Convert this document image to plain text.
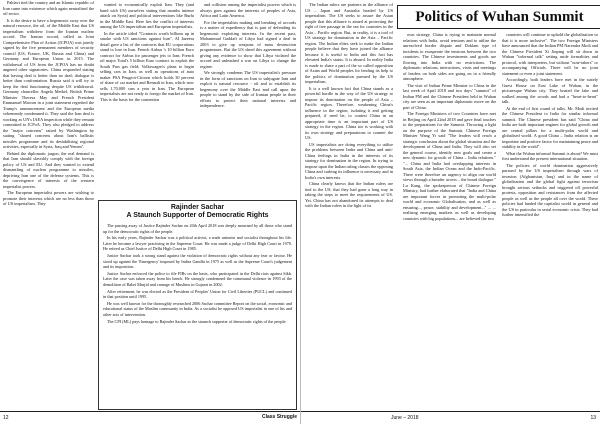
Pahlavi tied the country and an Islamic republic of Iran came into existence which again neutralised the oil sector.

It is the desire to have a hegemonic sway over the natural resource, the oil, of the Middle East that US imperialism withdrew from the Iranian nuclear accord. The Iranian accord, called as Joint Comprehensive Plan of Action (JCPOA) was jointly signed by the five permanent members of security council (US, France, UK, Russia and China) and Germany and European Union in 2015. The withdrawal of US from the JCPOA has no doubt angered other signatories. China responded stating that having deal is better than no deal; dialogue is better than confrontation. Russia said it will try to keep the deal functioning despite US withdrawal. Germany chancellor Angela Merkel, British Prime Minister Theresa May and French President Emmanuel Macron in a joint statement regretted the Trump's announcement and the European media vehemently condemned it. They said the Iran deal is working as UN's IAEA inspection while they remain committed to JCPoA. They also pledged to address the "major concerns" raised by Washington by stating "shared concerns about Iran's ballistic missiles programme and its destabilising regional activities, especially in Syria, Iraq and Yemen".

Behind the diplomatic jargon, the real demand is that Iran should slavishly comply with the foreign policy of US and EU. And they wanted to extend dismantling of nuclear programme to missiles, depriving Iran one of the defense systems. This is the convergence of interests of the western imperialist powers.

The European imperialist powers are wishing to promote their interests which are no less than those of US imperialism. They

wanted to economically exploit Iran. They (and hand with US) ourselves stating that months intense attack on Syria) and political interventions like Burhi in the Middle East. Here lies the conflict of interests among the US imperialism and European imperialists.

In the article titled "Contracts worth billions up in smoke with US sanctions against Iran", AI Jazeera detail gave a list of the contracts that EU corporations stand to lose in Iran. French Airbus 's 10 billion Euro contract for Airbus for passenger jets to Iran; French oil major Total's 5 billion Euro contract to exploit the South Pars gas field; Volkswagen's plans to begin selling cars in Iran, as well as operations of auto maker PSA Peugeot-Citroen which holds 30 percent of share of car market and Renault in Iran, which now sells 1,70,000 cars a year in Iran. The European imperialists are not ready to forego the market of Iran. This is the basis for the contention

and collision among the imperialist powers which is always goes against the interests of peoples of Asia, Africa and Latin America.

For the imperialists making and breaking of accords is a matter of expediency that is part of defending its hegemonic exploiting interests. In the recent past, Mohammad Gaddafi of Libya had signed a deal in 2003 to give up weapons of mass destruction programmes. But the US shred this agreement without giving any evidence to show that Libya violated the accord and unleashed a war on Libya to change the regime.

We strongly condemn The US imperialist's pressure in the form of sanctions on Iran to subjugate Iran and exploit is natural resource - oil and to establish its hegemony over the Middle East and call upon the people to stand by the side of Iranian people in their efforts to protect their national interests and independence.

Rajinder Sachar
A Staunch Supporter of Democratic Rights

The passing away of Justice Rajinder Sachar on 20th April 2018 was deeply mourned by all those who stand up for the democratic rights of the people.

In his early years, Rajinder Sachar was a political activist, a trade unionist and socialist throughout his life. Later he became a lawyer practising in the Supreme Court. He was made a judge of Delhi High Court in 1970. He retired as Chief Justice of Delhi High Court in 1985.

Justice Sachar took a strong stand against the violation of democratic rights without any fear or favour. He stood up against the 'Emergency' imposed by Indira Gandhi in 1975 as well as the Supreme Court's judgement and its imposition.

Justice Sachar enforced the police to file FIRs on the basis, who participated in the Delhi riots against Sikh. Later the case was taken away from his bench. He strongly condemned the communal violence in 1993 of the demolition of Babri Masjid and carnage of Muslims in Gujarat in 2002.

After retirement, he was elected as the President of Peoples' Union for Civil Liberties (PUCL) and continued in that position until 1995.

He was well known for the thoroughly researched 2006 Sachar committee Report on the social, economic and educational status of the Muslim community in India. As a socialist he opposed US imperialist in one of his and other acts of intervention.

The CPI (ML) pays homage to Rajinder Sachar as the staunch supporter of democratic rights of the people.

12	Class Struggle

The Indian rulers are partners in the alliance of US – Japan and Australia headed by US imperialism. The US seeks to assure the Asian people that this alliance is aimed at protecting the right of free passage in the sea for countries in the Asia – Pacific region. But, in reality, it is a tool of US strategy for domination in the Asia – Pacific region. The Indian elites seek to make the Indian people believe that they have joined the alliance because it is useful to India and this fact has elevated India's status. It is absurd. In reality India is made to share a part of the so called opposition of Asian and World peoples for lending its help to the politics of domination pursued by the US imperialism.

It is a well known fact that China stands as a powerful hurdle in the way of the US strategy to impose its domination on the people of Asia – Pacific region. Therefore, weakening China's influence in the region, isolating it and getting prepared, if need be, to contest China in an appropriate time is an important part of US strategy in the region. China too is working with its own strategy and preparations to counter the US.

US imperialists are doing everything to utilise the problems between India and China and anti-China feelings in India in the interests of its strategy for domination in the region. In trying to impose upon the Indian ruling classes the opposing China and curbing its influence is necessary and in India's own interests.

China clearly knows that the Indian rulers are tied to the US; that they had gone a long way in taking the steps to meet the requirements of US. Yet, China has not abandoned its attempts to deal with the Indian rulers in the light of its

Politics of Wuhan Summit

own strategy. China is trying to maintain normal relations with India, avoid tensions and to utilise the unresolved border dispute and Doklam type of incidents to exasperate the tensions between the two countries. The Chinese investments and goods are flowing into India with no restrictions. The diplomatic relations, interactions, visits and meetings of leaders on both sides are going on in a friendly atmosphere.

The visit of Indian Prime Minister to China in the last week of April 2018 and two days' "summit" of Indian PM and the Chinese President held in Wuhan city are seen as an important diplomatic move on the part of China.

The Foreign Ministers of two Countries have met in Beijing on April 22nd 2018 and gave final touches to the preparations for the Summit. Throwing a light on the purpose of the Summit, Chinese Foreign Minister Wang Yi said "The leaders will reach a strategic conclusion about the global situation and the development of China and India. They will also set the general course, identify new goals and create a new dynamic for growth of China – India relations." "... China and India had overlapping interests in South Asia, the Indian Ocean and the Indo-Pacific. There were therefore an urgency to align our world views through a broader access – the board dialogue." Lu Kang, the spokesperson of Chinese Foreign Ministry, had further elaborated that "India and China are important forces in promoting the multi-polar world and economic Globalisation, and as well as ensuring..., peace, stability and development..." ... ... realising emerging markets as well as developing countries with big populations... are believed the two

countries will continue to uphold the globalisation so that it is more inclusive". The two Foreign Ministers have announced that the Indian PM Narendra Modi and the Chinese President Xi Jinping will sit down in Wuhan "informal talk" setting aside formalities and protocol, with interpreters, but without "note-takers" or accompanying Officials. There will be no joint statement or even a joint statement.

Accordingly, both leaders have met in the stately Guest House on East Lake of Wuhan, in the picturesque Wuhan city. They boated the lake and walked among the woods and had a "heart-to-heart" talk.

At the end of first round of talks, Mr. Modi invited the Chinese President to India for similar informal summit. The Chinese president has said "China and India are both important engines for global growth and are central pillars for a multi-polar world and globalised world. A good China – India relation is an important and positive factor for maintaining peace and stability in the world".

What the Wuhan informal Summit is about? We must first understand the present international situation.

The policies of world domination aggressively pursued by the US imperialism through wars of invasion (Afghanistan, Iraq) and in the name of globalisation and the global fight against terrorism brought serious setbacks and triggered off powerful protests, opposition and resistances from the affected people as well as the people all over the world. These policies had landed the capitalist world in general and the US in particular in serial economic crisis. They had further intensified the

June – 2018	13
